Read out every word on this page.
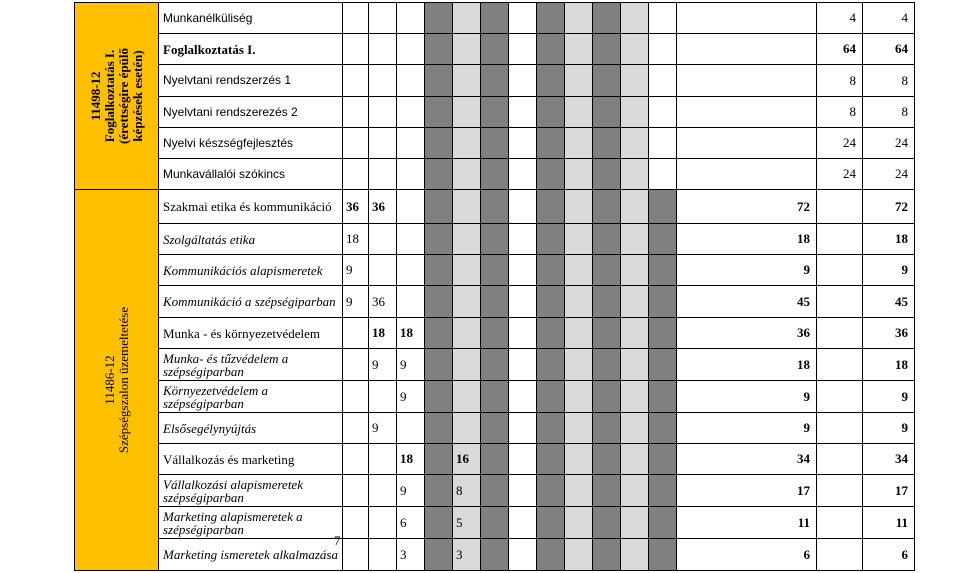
11498-12 Foglalkoztatás I. (érettségire épülő képzések esetén)	Munkanélküliség														4	4
	Foglalkoztatás I.														64	64
	Nyelvtani rendszerzés 1														8	8
	Nyelvtani rendszerezés 2														8	8
	Nyelvi készségfejlesztés														24	24
	Munkavállalói szókincs														24	24

11486-12 Szépségszalon üzemeltetése	Szakmai etika és kommunikáció	36	36											72		72
	Szolgáltatás etika	18												18		18
	Kommunikációs alapismeretek	9												9		9
	Kommunikáció a szépségiparban	9	36											45		45
	Munka - és környezetvédelem		18	18										36		36
	Munka- és tűzvédelem a szépségiparban		9	9										18		18
	Környezetvédelem a szépségiparban			9										9		9
	Elsősegélynyújtás		9											9		9
	Vállalkozás és marketing			18		16								34		34
	Vállalkozási alapismeretek szépségiparban			9		8								17		17
	Marketing alapismeretek a szépségiparban			6		5								11		11
	Marketing ismeretek alkalmazása			3		3								6		6
7
